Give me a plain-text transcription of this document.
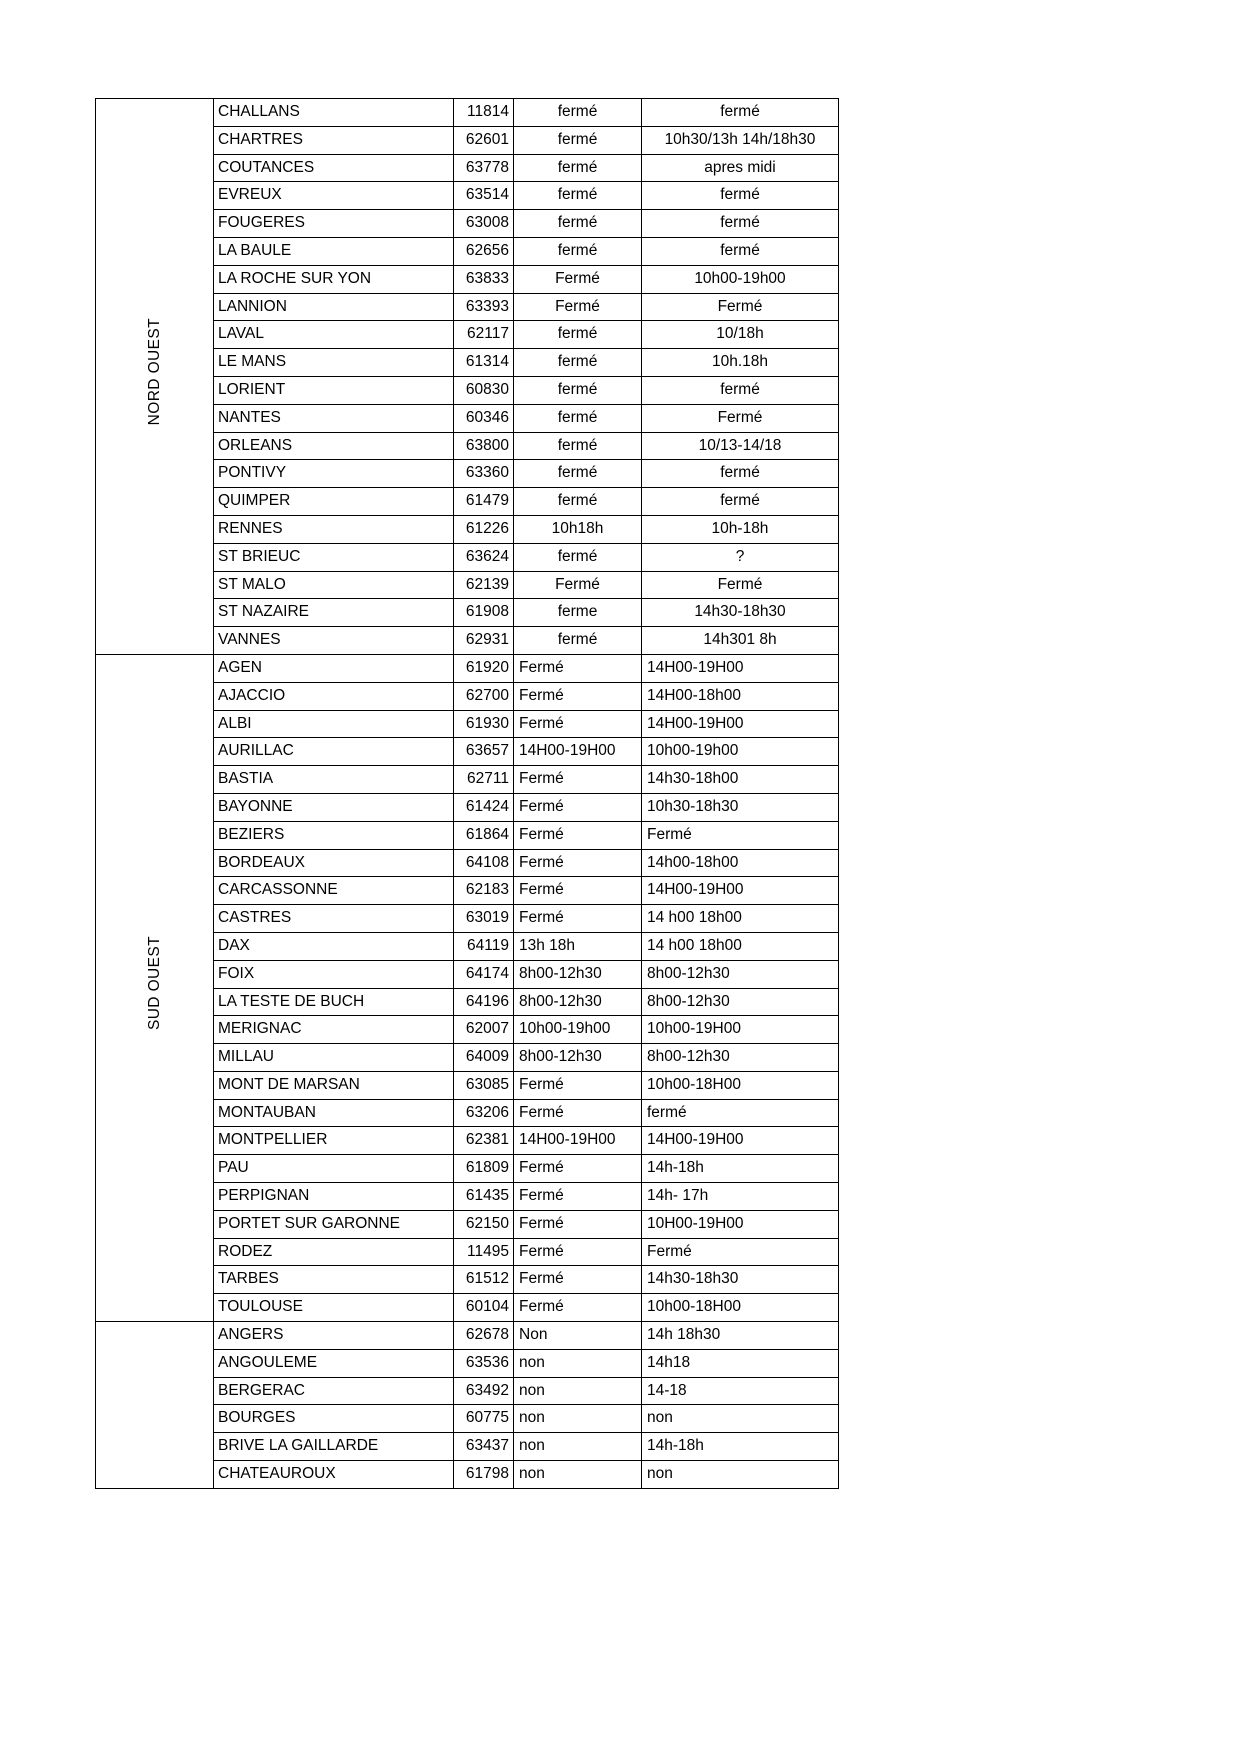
NORD OUEST	CHALLANS	11814	fermé	fermé
	CHARTRES	62601	fermé	10h30/13h 14h/18h30
	COUTANCES	63778	fermé	apres midi
	EVREUX	63514	fermé	fermé
	FOUGERES	63008	fermé	fermé
	LA BAULE	62656	fermé	fermé
	LA ROCHE SUR YON	63833	Fermé	10h00-19h00
	LANNION	63393	Fermé	Fermé
	LAVAL	62117	fermé	10/18h
	LE MANS	61314	fermé	10h.18h
	LORIENT	60830	fermé	fermé
	NANTES	60346	fermé	Fermé
	ORLEANS	63800	fermé	10/13-14/18
	PONTIVY	63360	fermé	fermé
	QUIMPER	61479	fermé	fermé
	RENNES	61226	10h18h	10h-18h
	ST BRIEUC	63624	fermé	?
	ST MALO	62139	Fermé	Fermé
	ST NAZAIRE	61908	ferme	14h30-18h30
	VANNES	62931	fermé	14h301 8h

SUD OUEST	AGEN	61920	Fermé	14H00-19H00
	AJACCIO	62700	Fermé	14H00-18h00
	ALBI	61930	Fermé	14H00-19H00
	AURILLAC	63657	14H00-19H00	10h00-19h00
	BASTIA	62711	Fermé	14h30-18h00
	BAYONNE	61424	Fermé	10h30-18h30
	BEZIERS	61864	Fermé	Fermé
	BORDEAUX	64108	Fermé	14h00-18h00
	CARCASSONNE	62183	Fermé	14H00-19H00
	CASTRES	63019	Fermé	14 h00 18h00
	DAX	64119	13h 18h	14 h00 18h00
	FOIX	64174	8h00-12h30	8h00-12h30
	LA TESTE DE BUCH	64196	8h00-12h30	8h00-12h30
	MERIGNAC	62007	10h00-19h00	10h00-19H00
	MILLAU	64009	8h00-12h30	8h00-12h30
	MONT DE MARSAN	63085	Fermé	10h00-18H00
	MONTAUBAN	63206	Fermé	fermé
	MONTPELLIER	62381	14H00-19H00	14H00-19H00
	PAU	61809	Fermé	14h-18h
	PERPIGNAN	61435	Fermé	14h- 17h
	PORTET SUR GARONNE	62150	Fermé	10H00-19H00
	RODEZ	11495	Fermé	Fermé
	TARBES	61512	Fermé	14h30-18h30
	TOULOUSE	60104	Fermé	10h00-18H00

	ANGERS	62678	Non	14h 18h30
	ANGOULEME	63536	non	14h18
	BERGERAC	63492	non	14-18
	BOURGES	60775	non	non
	BRIVE LA GAILLARDE	63437	non	14h-18h
	CHATEAUROUX	61798	non	non
